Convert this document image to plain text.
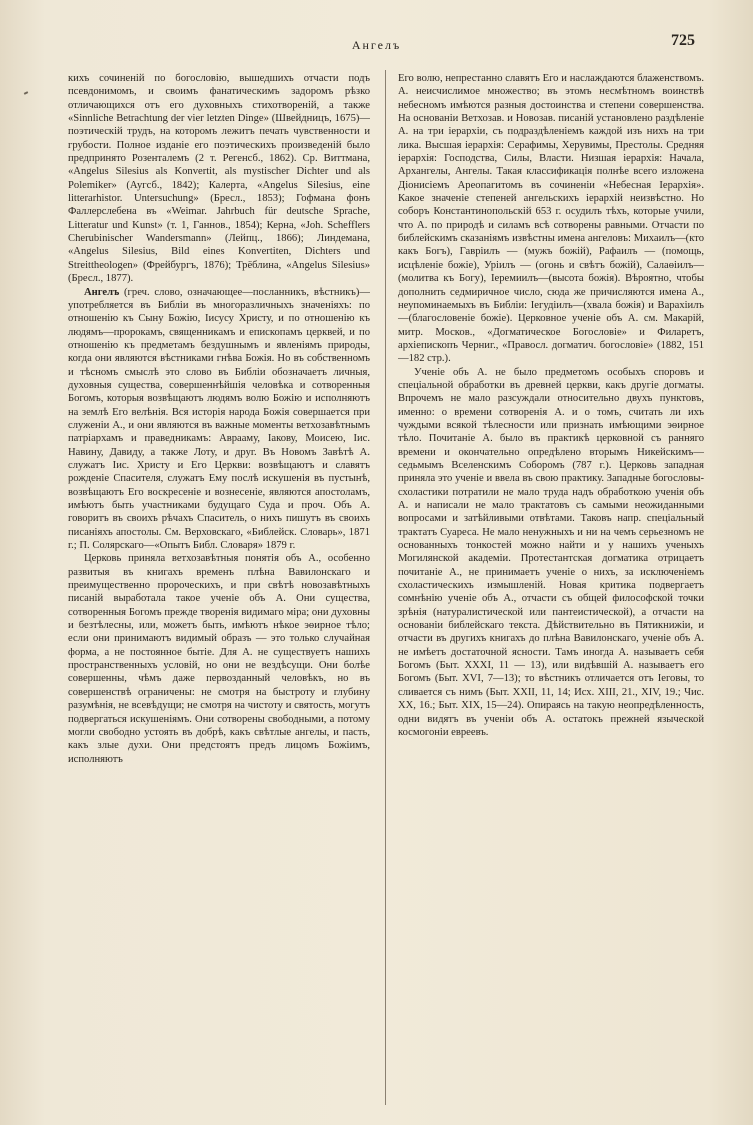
Ангелъ	725

кихъ сочиненій по богословію, вышедшихъ отчасти подъ псевдонимомъ, и своимъ фанатическимъ задоромъ рѣзко отличающихся отъ его духовныхъ стихотвореній, а также «Sinnliche Betrachtung der vier letzten Dinge» (Швейдницъ, 1675)— поэтическій трудъ, на которомъ лежитъ печать чувственности и грубости. Полное изданіе его поэтическихъ произведеній было предпринято Розенталемъ (2 т. Регенсб., 1862). Ср. Виттмана, «Angelus Silesius als Konvertit, als mystischer Dichter und als Polemiker» (Аугсб., 1842); Калерта, «Angelus Silesius, eine litterarhistor. Untersuchung» (Бресл., 1853); Гофмана фонъ Фаллерслебена въ «Weimar. Jahrbuch für deutsche Sprache, Litteratur und Kunst» (т. 1, Ганнов., 1854); Керна, «Joh. Schefflers Cherubinischer Wandersmann» (Лейпц., 1866); Линдемана, «Angelus Silesius, Bild eines Konvertiten, Dichters und Streittheologen» (Фрейбургъ, 1876); Трёблина, «Angelus Silesius» (Бресл., 1877).

Ангелъ (греч. слово, означающее—посланникъ, вѣстникъ)—употребляется въ Библіи въ многоразличныхъ значеніяхъ: по отношенію къ Сыну Божію, Іисусу Христу, и по отношенію къ людямъ—пророкамъ, священникамъ и епископамъ церквей, и по отношенію къ предметамъ бездушнымъ и явленіямъ природы, когда они являются вѣстниками гнѣва Божія. Но въ собственномъ и тѣсномъ смыслѣ это слово въ Библіи обозначаетъ личныя, духовныя существа, совершеннѣйшія человѣка и сотворенныя Богомъ, которыя возвѣщаютъ людямъ волю Божію и исполняютъ на землѣ Его велѣнія. Вся исторія народа Божія совершается при служеніи А., и они являются въ важные моменты ветхозавѣтнымъ патріархамъ и праведникамъ: Аврааму, Іакову, Моисею, Іис. Навину, Давиду, а также Лоту, и друг. Въ Новомъ Завѣтѣ А. служатъ Іис. Христу и Его Церкви: возвѣщаютъ и славятъ рожденіе Спасителя, служатъ Ему послѣ искушенія въ пустынѣ, возвѣщаютъ Его воскресеніе и вознесеніе, являются апостоламъ, имѣютъ быть участниками будущаго Суда и проч. Объ А. говоритъ въ своихъ рѣчахъ Спаситель, о нихъ пишутъ въ своихъ писаніяхъ апостолы. См. Верховскаго, «Библейск. Словарь», 1871 г.; П. Солярскаго—«Опытъ Библ. Словаря» 1879 г.

Церковь приняла ветхозавѣтныя понятія объ А., особенно развитыя въ книгахъ временъ плѣна Вавилонскаго и преимущественно пророческихъ, и при свѣтѣ новозавѣтныхъ писаній выработала такое ученіе объ А. Они существа, сотворенныя Богомъ прежде творенія видимаго міра; они духовны и безтѣлесны, или, можетъ быть, имѣютъ нѣкое эѳирное тѣло; если они принимаютъ видимый образъ — это только случайная форма, а не постоянное бытіе. Для А. не существуетъ нашихъ пространственныхъ условій, но они не вездѣсущи. Они болѣе совершенны, чѣмъ даже первозданный человѣкъ, но въ совершенствѣ ограничены: не смотря на быстроту и глубину разумѣнія, не всевѣдущи; не смотря на чистоту и святость, могутъ подвергаться искушеніямъ. Они сотворены свободными, а потому могли свободно устоять въ добрѣ, какъ свѣтлые ангелы, и пасть, какъ злые духи. Они предстоятъ предъ лицомъ Божіимъ, исполняютъ

Его волю, непрестанно славятъ Его и наслаждаются блаженствомъ. А. неисчислимое множество; въ этомъ несмѣтномъ воинствѣ небесномъ имѣются разныя достоинства и степени совершенства. На основаніи Ветхозав. и Новозав. писаній установлено раздѣленіе А. на три іерархіи, съ подраздѣленіемъ каждой изъ нихъ на три лика. Высшая іерархія: Серафимы, Херувимы, Престолы. Средняя іерархія: Господства, Силы, Власти. Низшая іерархія: Начала, Архангелы, Ангелы. Такая классификація полнѣе всего изложена Діонисіемъ Ареопагитомъ въ сочиненіи «Небесная Іерархія». Какое значеніе степеней ангельскихъ іерархій неизвѣстно. Но соборъ Константинопольскій 653 г. осудилъ тѣхъ, которые учили, что А. по природѣ и силамъ всѣ сотворены равными. Отчасти по библейскимъ сказаніямъ извѣстны имена ангеловъ: Михаилъ—(кто какъ Богъ), Гавріилъ — (мужъ божій), Рафаилъ — (помощь, исцѣленіе божіе), Уріилъ — (огонь и свѣтъ божій), Салаѳіилъ—(молитва къ Богу), Іеремиилъ—(высота божія). Вѣроятно, чтобы дополнить седмиричное число, сюда же причисляются имена А., неупоминаемыхъ въ Библіи: Іегудіилъ—(хвала божія) и Варахіилъ—(благословеніе божіе). Церковное ученіе объ А. см. Макарій, митр. Москов., «Догматическое Богословіе» и Филаретъ, архіепископъ Черниг., «Правосл. догматич. богословіе» (1882, 151—182 стр.).

Ученіе объ А. не было предметомъ особыхъ споровъ и спеціальной обработки въ древней церкви, какъ другіе догматы. Впрочемъ не мало разсуждали относительно двухъ пунктовъ, именно: о времени сотворенія А. и о томъ, считать ли ихъ чуждыми всякой тѣлесности или признать имѣющими эѳирное тѣло. Почитаніе А. было въ практикѣ церковной съ ранняго времени и окончательно опредѣлено вторымъ Никейскимъ—седьмымъ Вселенскимъ Соборомъ (787 г.). Церковь западная приняла это ученіе и ввела въ свою практику. Западные богословы-схоластики потратили не мало труда надъ обработкою ученія объ А. и написали не мало трактатовъ съ самыми неожиданными вопросами и затѣйливыми отвѣтами. Таковъ напр. спеціальный трактатъ Суареса. Не мало ненужныхъ и ни на чемъ серьезномъ не основанныхъ тонкостей можно найти и у нашихъ ученыхъ Могилянской академіи. Протестантская догматика отрицаетъ почитаніе А., не принимаетъ ученіе о нихъ, за исключеніемъ схоластическихъ измышленій. Новая критика подвергаетъ сомнѣнію ученіе объ А., отчасти съ общей философской точки зрѣнія (натуралистической или пантеистической), а отчасти на основаніи библейскаго текста. Дѣйствительно въ Пятикнижіи, и отчасти въ другихъ книгахъ до плѣна Вавилонскаго, ученіе объ А. не имѣетъ достаточной ясности. Тамъ иногда А. называетъ себя Богомъ (Быт. XXXI, 11 — 13), или видѣвшій А. называетъ его Богомъ (Быт. XVI, 7—13); то вѣстникъ отличается отъ Іеговы, то сливается съ нимъ (Быт. XXII, 11, 14; Исх. XIII, 21., XIV, 19.; Чис. XX, 16.; Быт. XIX, 15—24). Опираясь на такую неопредѣленность, одни видятъ въ ученіи объ А. остатокъ прежней языческой космогоніи евреевъ.
